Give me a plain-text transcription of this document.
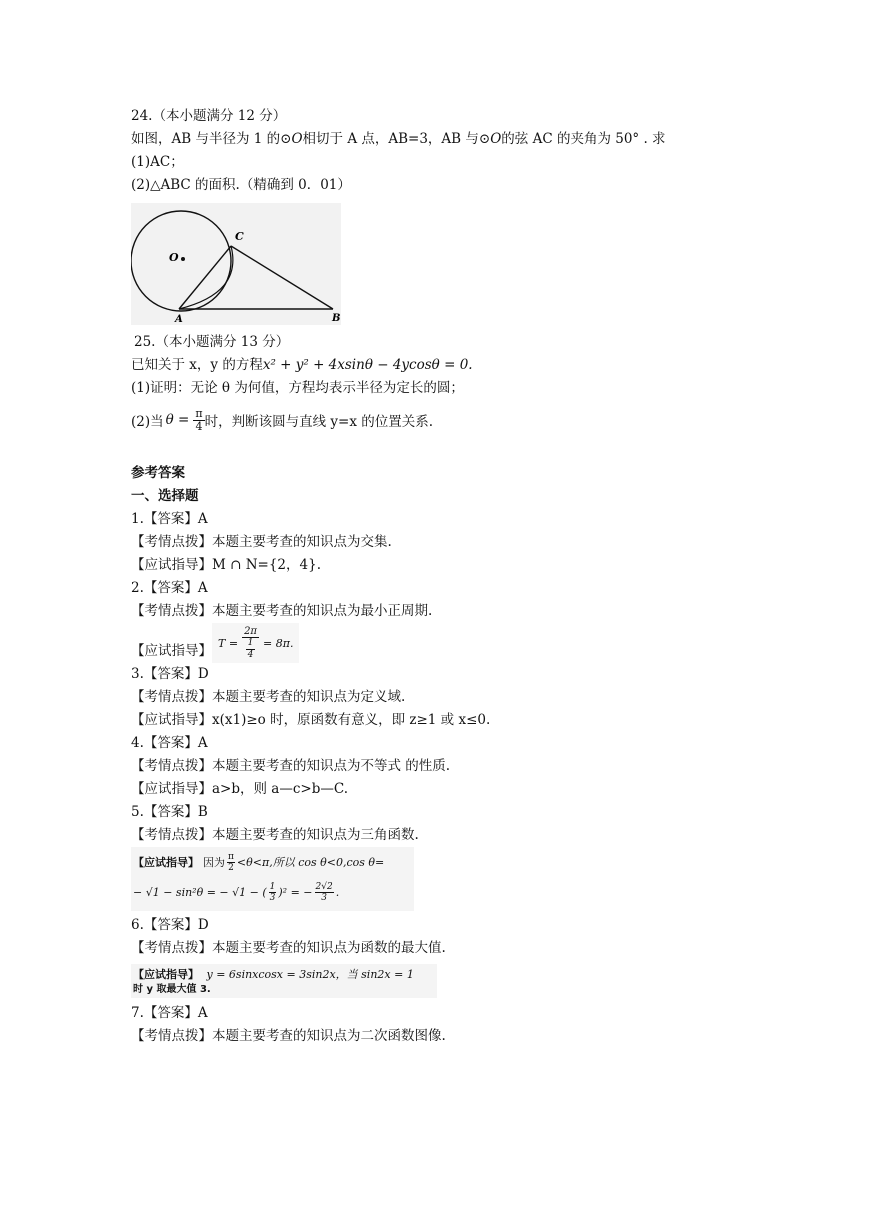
24.（本小题满分 12 分）
如图，AB 与半径为 1 的⊙O相切于 A 点，AB=3，AB 与⊙O的弦 AC 的夹角为 50° . 求
(1)AC；
(2)△ABC 的面积.（精确到 0．01）
O
C
A	B
25.（本小题满分 13 分）
已知关于 x，y 的方程x² + y² + 4xsinθ − 4ycosθ = 0.
(1)证明：无论 θ 为何值，方程均表示半径为定长的圆；
(2)当 $\theta = \frac{\pi}{4}$ 时，判断该圆与直线 y=x 的位置关系.
参考答案
一、选择题
1.【答案】A
【考情点拨】本题主要考查的知识点为交集.
【应试指导】M ∩ N={2，4}.
2.【答案】A
【考情点拨】本题主要考查的知识点为最小正周期.
【应试指导】 T =
2π
1
4
= 8π.
3.【答案】D
【考情点拨】本题主要考查的知识点为定义域.
【应试指导】x(x1)≥o 时，原函数有意义，即 z≥1 或 x≤0.
4.【答案】A
【考情点拨】本题主要考查的知识点为不等式 的性质.
【应试指导】a>b，则 a—c>b—C.
5.【答案】B
【考情点拨】本题主要考查的知识点为三角函数.
【应试指导】 因为 $\frac{\pi}{2} <\theta<\pi$,所以 cos θ<0,cos θ=
− √1 − sin²θ = − √1 − ( $\frac{1}{3} )^2$ = − $\frac{2√2}{3}$ .
6.【答案】D
【考情点拨】本题主要考查的知识点为函数的最大值.
【应试指导】 y = 6sinxcosx = 3sin2x，当 sin2x = 1
时 y 取最大值 3.
7.【答案】A
【考情点拨】本题主要考查的知识点为二次函数图像.
